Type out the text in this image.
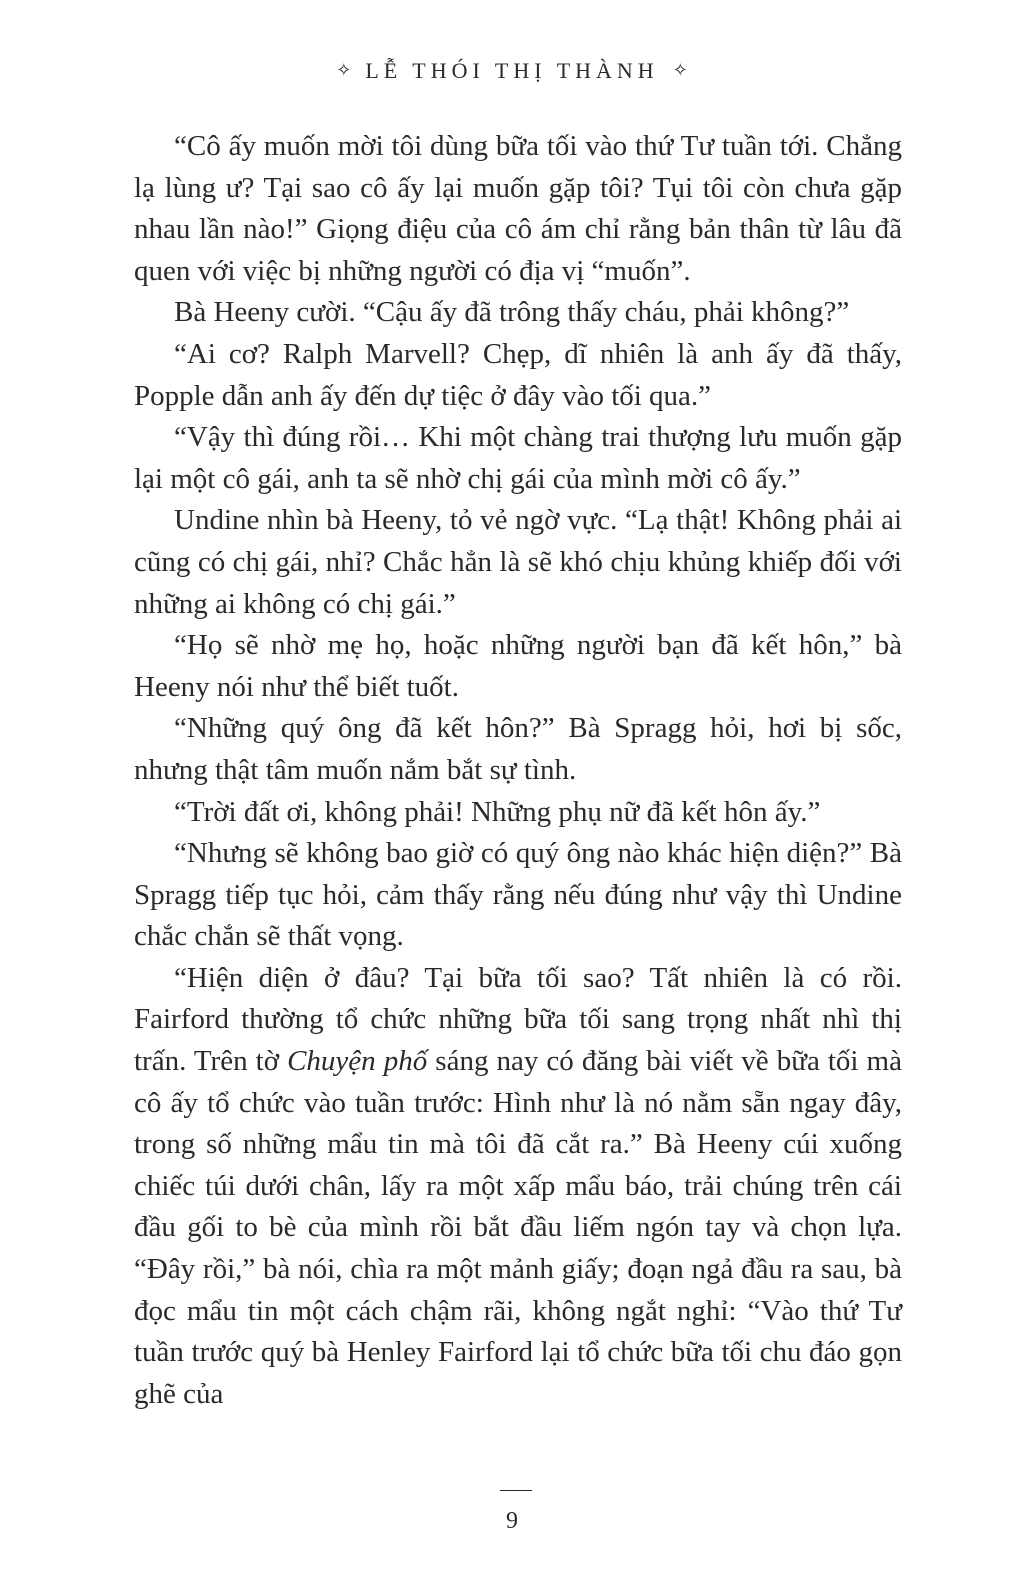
✧ LỄ THÓI THỊ THÀNH ✧

“Cô ấy muốn mời tôi dùng bữa tối vào thứ Tư tuần tới. Chẳng lạ lùng ư? Tại sao cô ấy lại muốn gặp tôi? Tụi tôi còn chưa gặp nhau lần nào!” Giọng điệu của cô ám chỉ rằng bản thân từ lâu đã quen với việc bị những người có địa vị “muốn”.

Bà Heeny cười. “Cậu ấy đã trông thấy cháu, phải không?”

“Ai cơ? Ralph Marvell? Chẹp, dĩ nhiên là anh ấy đã thấy, Popple dẫn anh ấy đến dự tiệc ở đây vào tối qua.”

“Vậy thì đúng rồi… Khi một chàng trai thượng lưu muốn gặp lại một cô gái, anh ta sẽ nhờ chị gái của mình mời cô ấy.”

Undine nhìn bà Heeny, tỏ vẻ ngờ vực. “Lạ thật! Không phải ai cũng có chị gái, nhỉ? Chắc hẳn là sẽ khó chịu khủng khiếp đối với những ai không có chị gái.”

“Họ sẽ nhờ mẹ họ, hoặc những người bạn đã kết hôn,” bà Heeny nói như thể biết tuốt.

“Những quý ông đã kết hôn?” Bà Spragg hỏi, hơi bị sốc, nhưng thật tâm muốn nắm bắt sự tình.

“Trời đất ơi, không phải! Những phụ nữ đã kết hôn ấy.”

“Nhưng sẽ không bao giờ có quý ông nào khác hiện diện?” Bà Spragg tiếp tục hỏi, cảm thấy rằng nếu đúng như vậy thì Undine chắc chắn sẽ thất vọng.

“Hiện diện ở đâu? Tại bữa tối sao? Tất nhiên là có rồi. Fairford thường tổ chức những bữa tối sang trọng nhất nhì thị trấn. Trên tờ Chuyện phố sáng nay có đăng bài viết về bữa tối mà cô ấy tổ chức vào tuần trước: Hình như là nó nằm sẵn ngay đây, trong số những mẩu tin mà tôi đã cắt ra.” Bà Heeny cúi xuống chiếc túi dưới chân, lấy ra một xấp mẩu báo, trải chúng trên cái đầu gối to bè của mình rồi bắt đầu liếm ngón tay và chọn lựa. “Đây rồi,” bà nói, chìa ra một mảnh giấy; đoạn ngả đầu ra sau, bà đọc mẩu tin một cách chậm rãi, không ngắt nghỉ: “Vào thứ Tư tuần trước quý bà Henley Fairford lại tổ chức bữa tối chu đáo gọn ghẽ của

9
